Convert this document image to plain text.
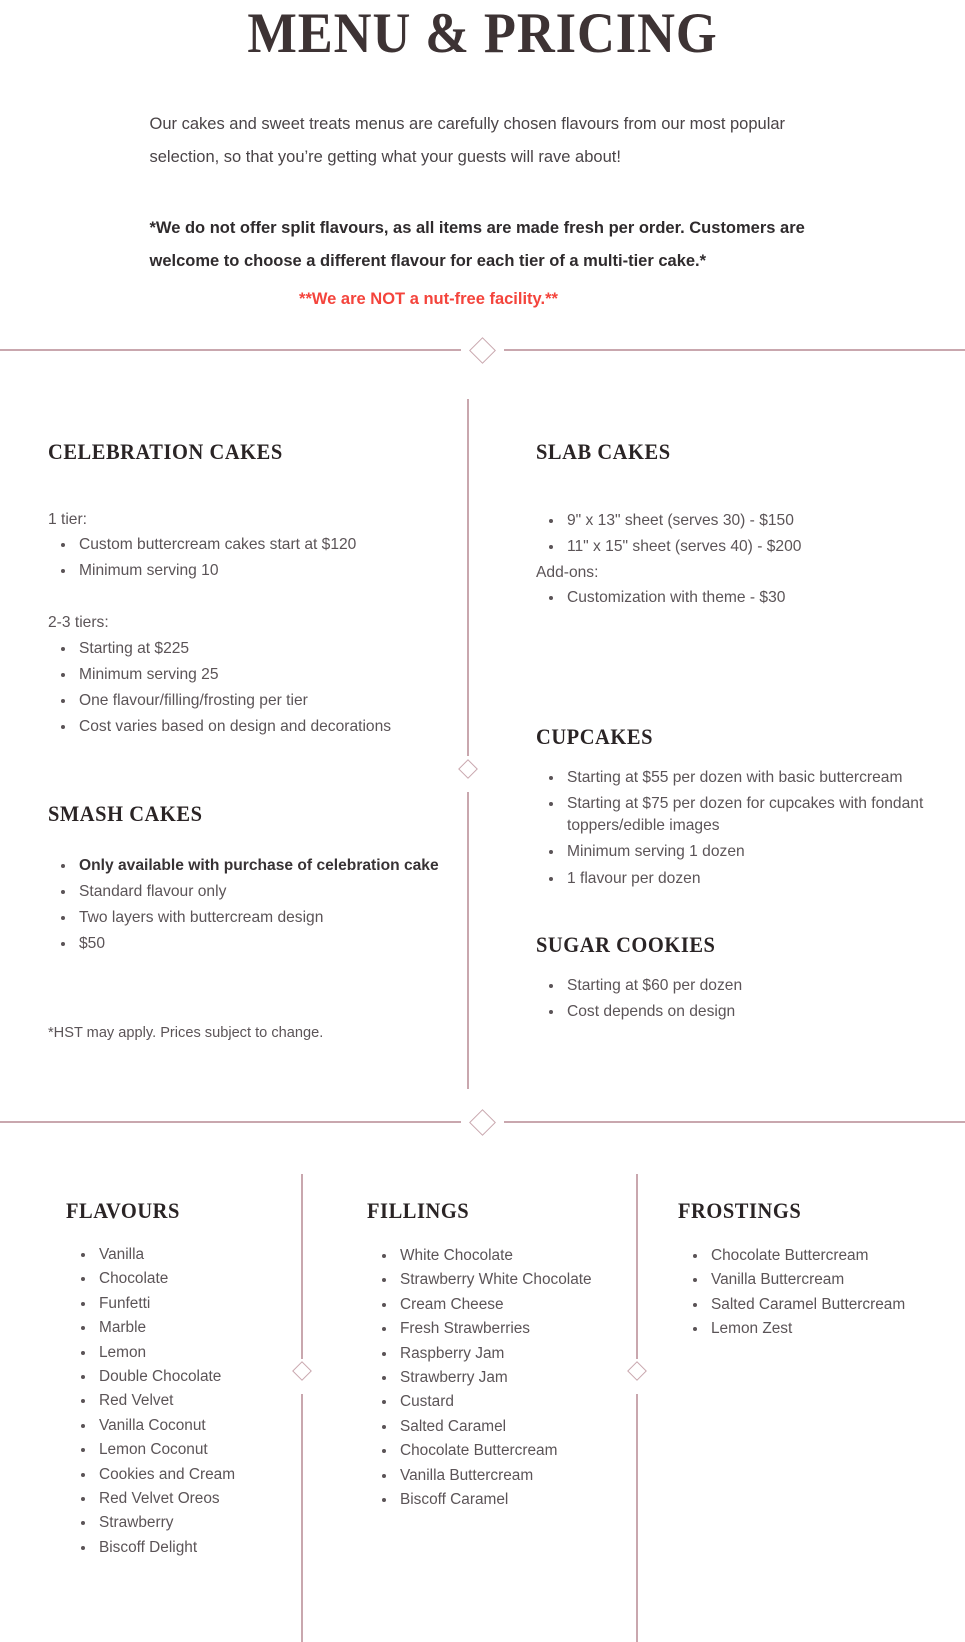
MENU & PRICING

Our cakes and sweet treats menus are carefully chosen flavours from our most popular selection, so that you’re getting what your guests will rave about!

*We do not offer split flavours, as all items are made fresh per order. Customers are welcome to choose a different flavour for each tier of a multi-tier cake.*

**We are NOT a nut-free facility.**

CELEBRATION CAKES

1 tier:

• Custom buttercream cakes start at $120
• Minimum serving 10

2-3 tiers:

• Starting at $225
• Minimum serving 25
• One flavour/filling/frosting per tier
• Cost varies based on design and decorations
SMASH CAKES
• Only available with purchase of celebration cake
• Standard flavour only
• Two layers with buttercream design
• $50

*HST may apply. Prices subject to change.

SLAB CAKES
• 9" x 13" sheet (serves 30) - $150
• 11" x 15" sheet (serves 40) - $200

Add-ons:

• Customization with theme - $30
CUPCAKES
• Starting at $55 per dozen with basic buttercream
• Starting at $75 per dozen for cupcakes with fondant toppers/edible images
• Minimum serving 1 dozen
• 1 flavour per dozen
SUGAR COOKIES
• Starting at $60 per dozen
• Cost depends on design
FLAVOURS
• Vanilla
• Chocolate
• Funfetti
• Marble
• Lemon
• Double Chocolate
• Red Velvet
• Vanilla Coconut
• Lemon Coconut
• Cookies and Cream
• Red Velvet Oreos
• Strawberry
• Biscoff Delight
FILLINGS
• White Chocolate
• Strawberry White Chocolate
• Cream Cheese
• Fresh Strawberries
• Raspberry Jam
• Strawberry Jam
• Custard
• Salted Caramel
• Chocolate Buttercream
• Vanilla Buttercream
• Biscoff Caramel
FROSTINGS
• Chocolate Buttercream
• Vanilla Buttercream
• Salted Caramel Buttercream
• Lemon Zest
